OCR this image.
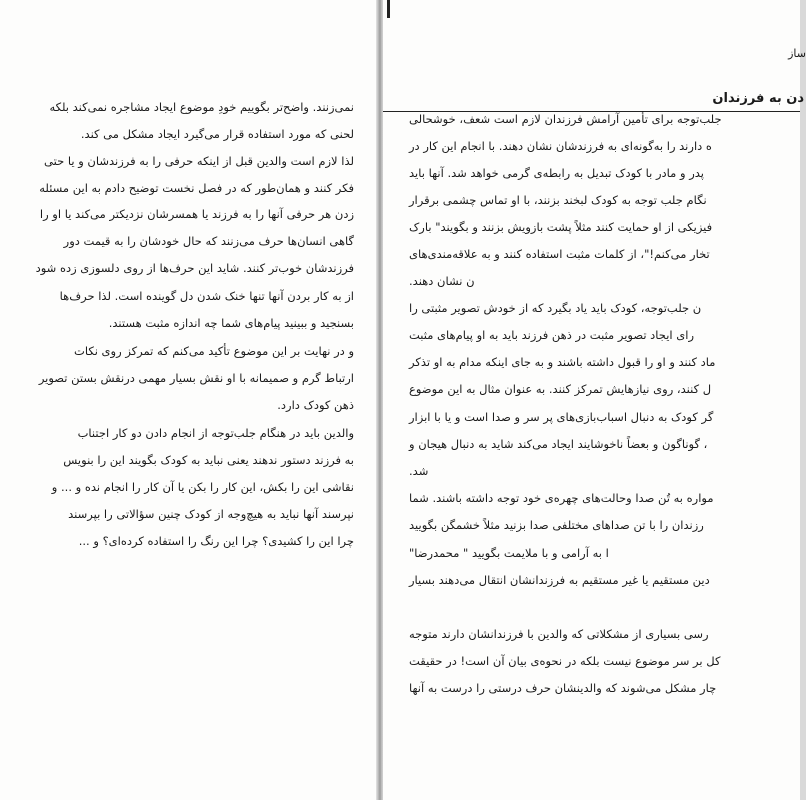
نمی‌زنند. واضح‌تر بگوییم خودِ موضوع ایجاد مشاجره نمی‌کند بلکه
لحنی که مورد استفاده قرار می‌گیرد ایجاد مشکل می کند.
لذا لازم است والدین قبل از اینکه حرفی را به فرزندشان و یا حتی
فکر کنند و همان‌طور که در فصل نخست توضیح دادم به این مسئله
زدن هر حرفی آنها را به فرزند یا همسرشان نزدیکتر می‌کند یا او را
گاهی انسان‌ها حرف می‌زنند که حال خودشان را به قیمت دور
فرزندشان خوب‌تر کنند. شاید این حرف‌ها از روی دلسوزی زده شود
از به کار بردن آنها تنها خنک شدن دل گوینده است. لذا حرف‌ها
بسنجید و ببینید پیام‌های شما چه اندازه مثبت هستند.
و در نهایت بر این موضوع تأکید می‌کنم که تمرکز روی نکات
ارتباط گرم و صمیمانه با او نقش بسیار مهمی درنقش بستن تصویر
ذهن کودک دارد.
والدین باید در هنگام جلب‌توجه از انجام دادن دو کار اجتناب
به فرزند دستور ندهند یعنی نباید به کودک بگویند این را بنویس
نقاشی این را بکش، این کار را بکن یا آن کار را انجام نده و ... و
نپرسند آنها نباید به هیچ‌وجه از کودک چنین سؤالاتی را بپرسند
چرا این را کشیدی؟ چرا این رنگ را استفاده کرده‌ای؟ و ...
ساز
دن به فرزندان
جلب‌توجه برای تأمین آرامش فرزندان لازم است شعف، خوشحالی
ه دارند را به‌گونه‌ای به فرزندشان نشان دهند. با انجام این کار در
پدر و مادر با کودک تبدیل به رابطه‌ی گرمی خواهد شد. آنها باید
نگام جلب توجه به کودک لبخند بزنند، با او تماس چشمی برقرار
فیزیکی از او حمایت کنند مثلاً پشت بازویش بزنند و بگویند" بارک
تخار می‌کنم!"، از کلمات مثبت استفاده کنند و به علاقه‌مندی‌های
ن نشان دهند.
ن جلب‌توجه، کودک باید یاد بگیرد که از خودش تصویر مثبتی را
رای ایجاد تصویر مثبت در ذهن فرزند باید به او پیام‌های مثبت
ماد کنند و او را قبول داشته باشند و به جای اینکه مدام به او تذکر
ل کنند، روی نیازهایش تمرکز کنند. به عنوان مثال به این موضوع
گر کودک به دنبال اسباب‌بازی‌های پر سر و صدا است و یا با ابزار
، گوناگون و بعضاً ناخوشایند ایجاد می‌کند شاید به دنبال هیجان و
شد.
مواره به تُن صدا وحالت‌های چهره‌ی خود توجه داشته باشند. شما
رزندان را با تن صداهای مختلفی صدا بزنید مثلاً خشمگن بگویید
ا به آرامی و با ملایمت بگویید " محمدرضا"
دین مستقیم یا غیر مستقیم به فرزندانشان انتقال می‌دهند بسیار
رسی بسیاری از مشکلاتی که والدین با فرزندانشان دارند متوجه
کل بر سر موضوع نیست بلکه در نحوه‌ی بیان آن است! در حقیقت
چار مشکل می‌شوند که والدینشان حرف درستی را درست به آنها
